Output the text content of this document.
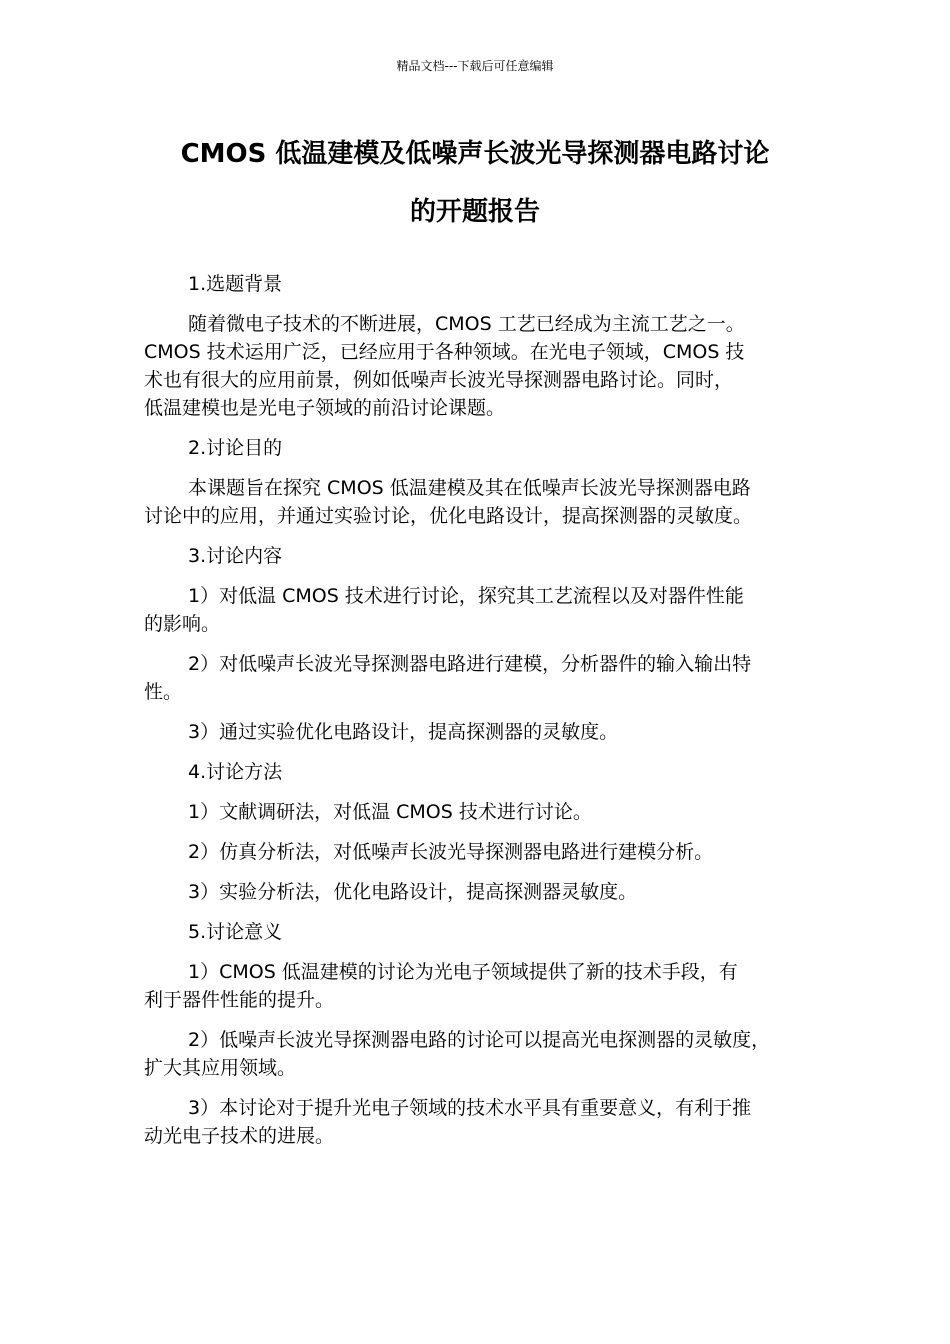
精品文档---下载后可任意编辑
CMOS 低温建模及低噪声长波光导探测器电路讨论
的开题报告
1.选题背景
随着微电子技术的不断进展，CMOS 工艺已经成为主流工艺之一。
CMOS 技术运用广泛，已经应用于各种领域。在光电子领域，CMOS 技
术也有很大的应用前景，例如低噪声长波光导探测器电路讨论。同时，
低温建模也是光电子领域的前沿讨论课题。
2.讨论目的
本课题旨在探究 CMOS 低温建模及其在低噪声长波光导探测器电路
讨论中的应用，并通过实验讨论，优化电路设计，提高探测器的灵敏度。
3.讨论内容
1）对低温 CMOS 技术进行讨论，探究其工艺流程以及对器件性能
的影响。
2）对低噪声长波光导探测器电路进行建模，分析器件的输入输出特
性。
3）通过实验优化电路设计，提高探测器的灵敏度。
4.讨论方法
1）文献调研法，对低温 CMOS 技术进行讨论。
2）仿真分析法，对低噪声长波光导探测器电路进行建模分析。
3）实验分析法，优化电路设计，提高探测器灵敏度。
5.讨论意义
1）CMOS 低温建模的讨论为光电子领域提供了新的技术手段，有
利于器件性能的提升。
2）低噪声长波光导探测器电路的讨论可以提高光电探测器的灵敏度，
扩大其应用领域。
3）本讨论对于提升光电子领域的技术水平具有重要意义，有利于推
动光电子技术的进展。
